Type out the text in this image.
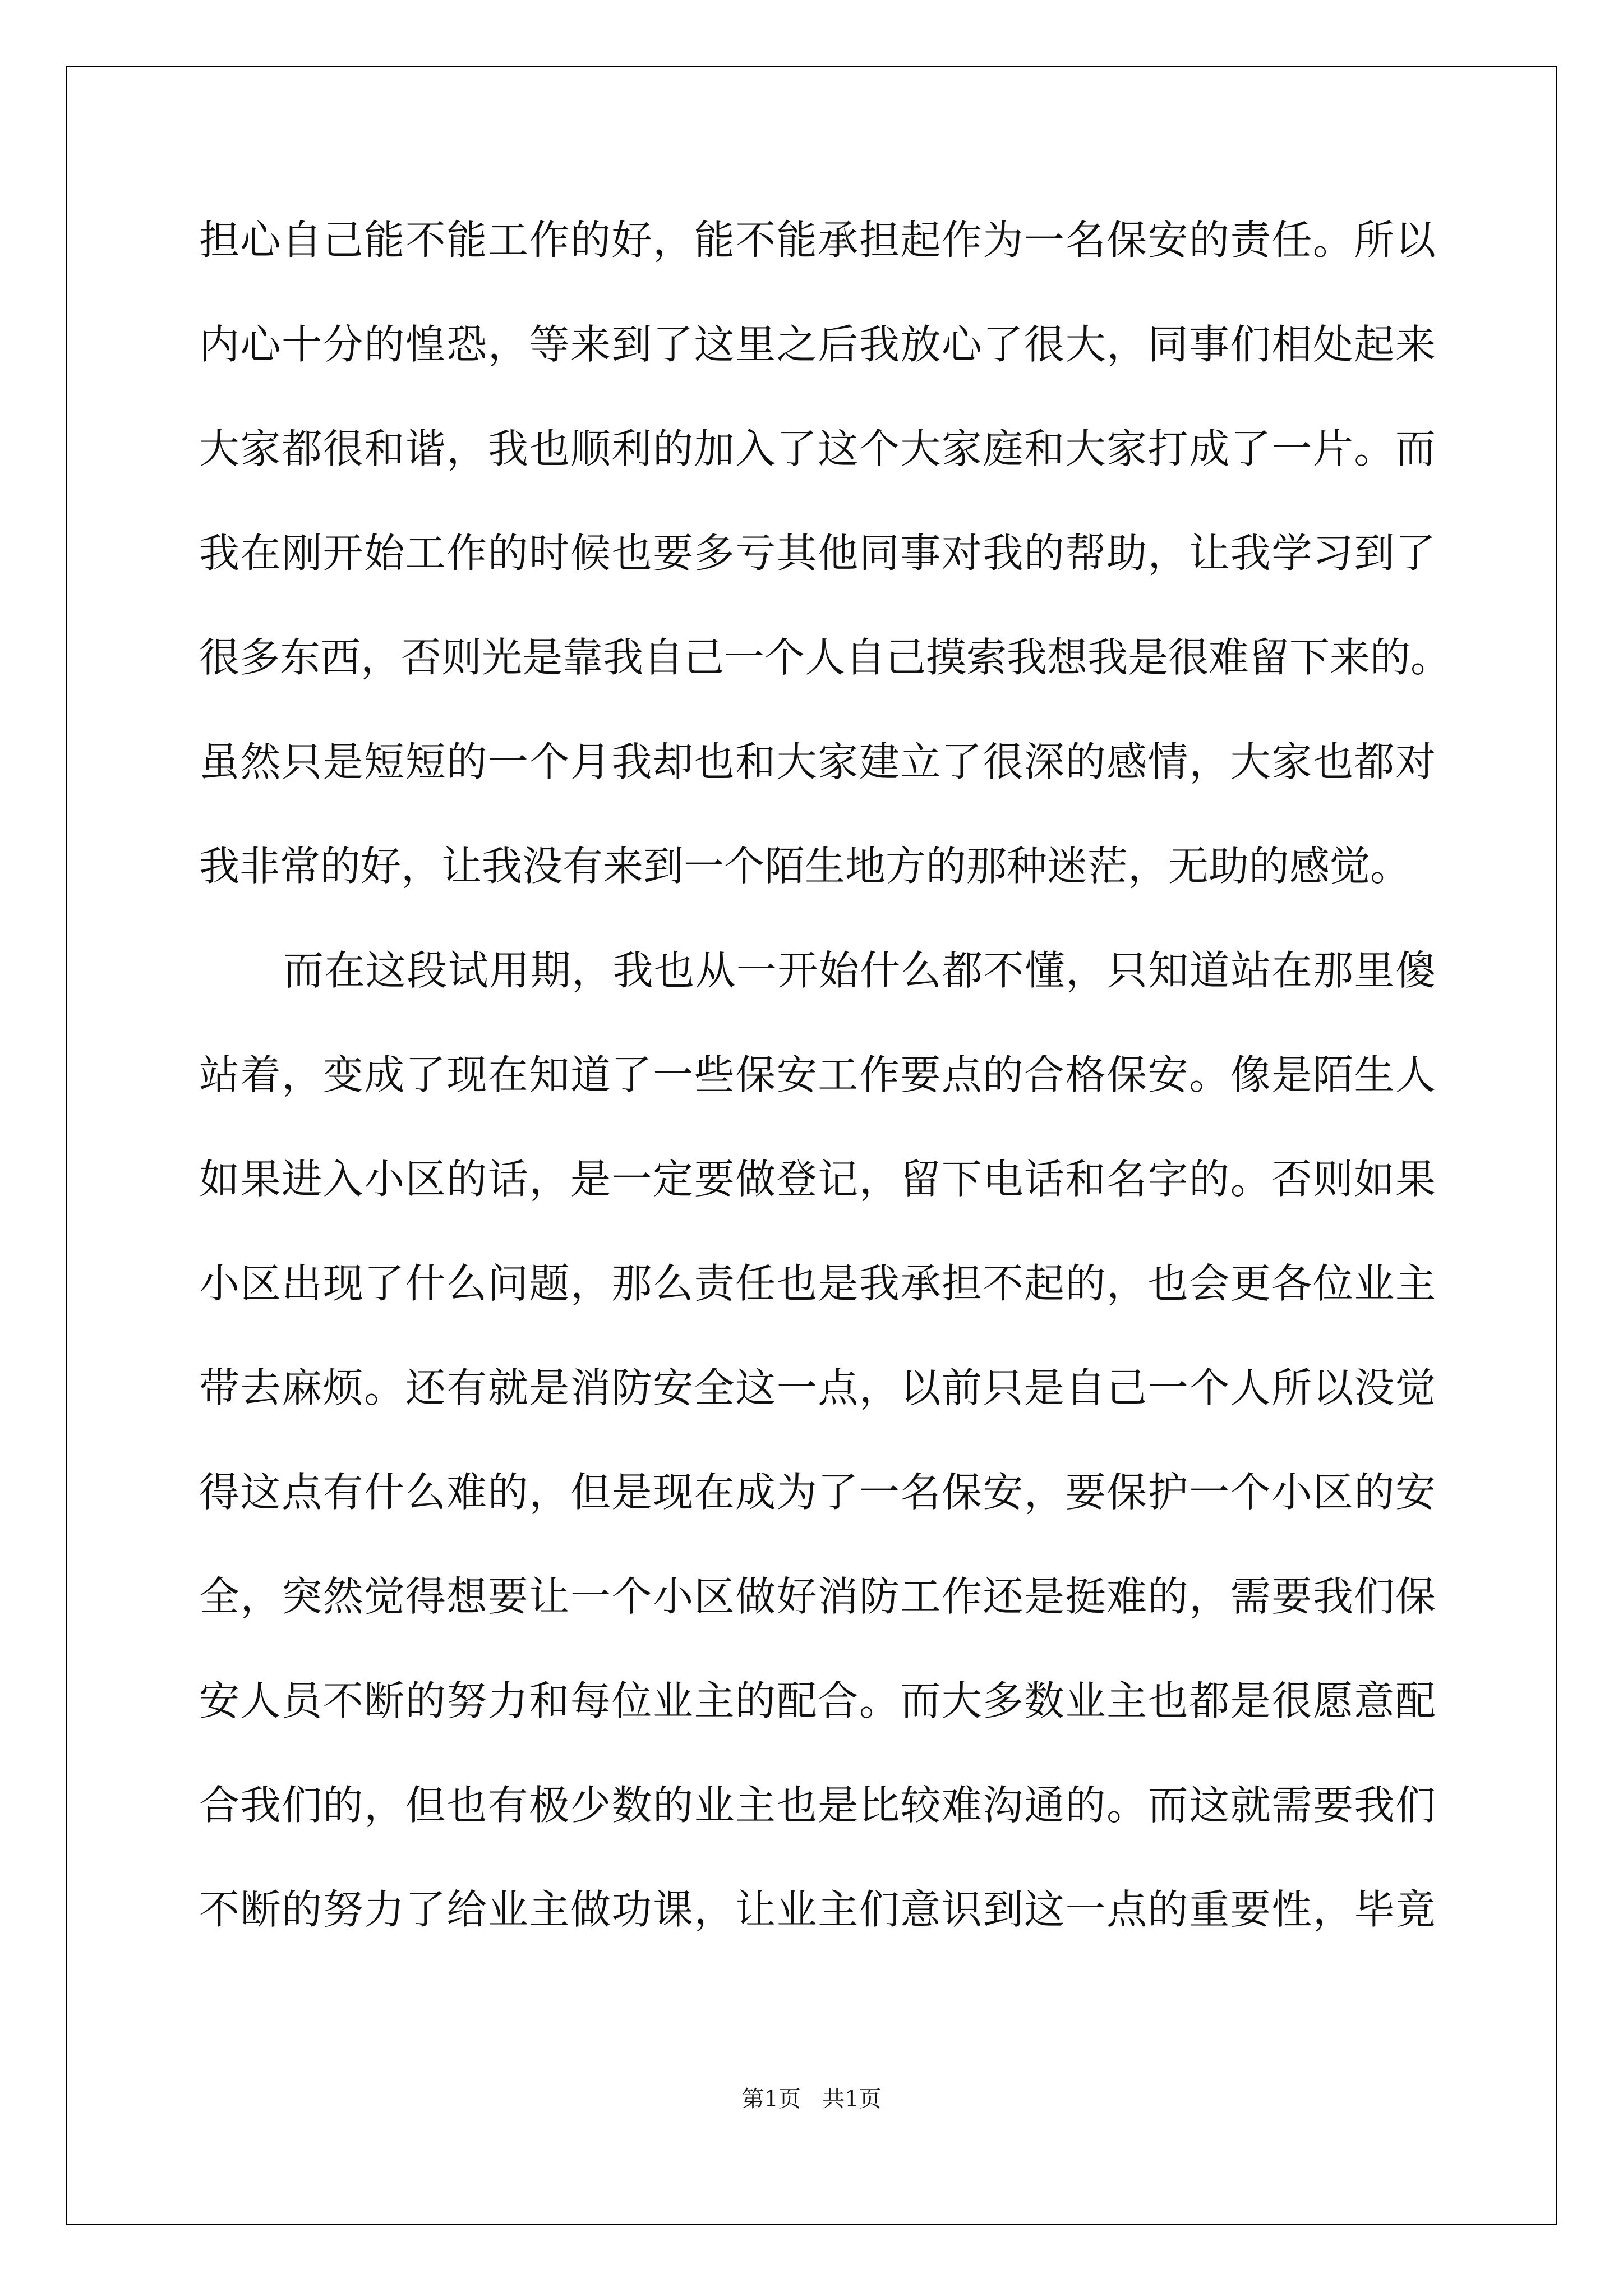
担心自己能不能工作的好，能不能承担起作为一名保安的责任。所以
内心十分的惶恐，等来到了这里之后我放心了很大，同事们相处起来
大家都很和谐，我也顺利的加入了这个大家庭和大家打成了一片。而
我在刚开始工作的时候也要多亏其他同事对我的帮助，让我学习到了
很多东西，否则光是靠我自己一个人自己摸索我想我是很难留下来的。
虽然只是短短的一个月我却也和大家建立了很深的感情，大家也都对
我非常的好，让我没有来到一个陌生地方的那种迷茫，无助的感觉。
而在这段试用期，我也从一开始什么都不懂，只知道站在那里傻
站着，变成了现在知道了一些保安工作要点的合格保安。像是陌生人
如果进入小区的话，是一定要做登记，留下电话和名字的。否则如果
小区出现了什么问题，那么责任也是我承担不起的，也会更各位业主
带去麻烦。还有就是消防安全这一点，以前只是自己一个人所以没觉
得这点有什么难的，但是现在成为了一名保安，要保护一个小区的安
全，突然觉得想要让一个小区做好消防工作还是挺难的，需要我们保
安人员不断的努力和每位业主的配合。而大多数业主也都是很愿意配
合我们的，但也有极少数的业主也是比较难沟通的。而这就需要我们
不断的努力了给业主做功课，让业主们意识到这一点的重要性，毕竟
第1页 共1页
